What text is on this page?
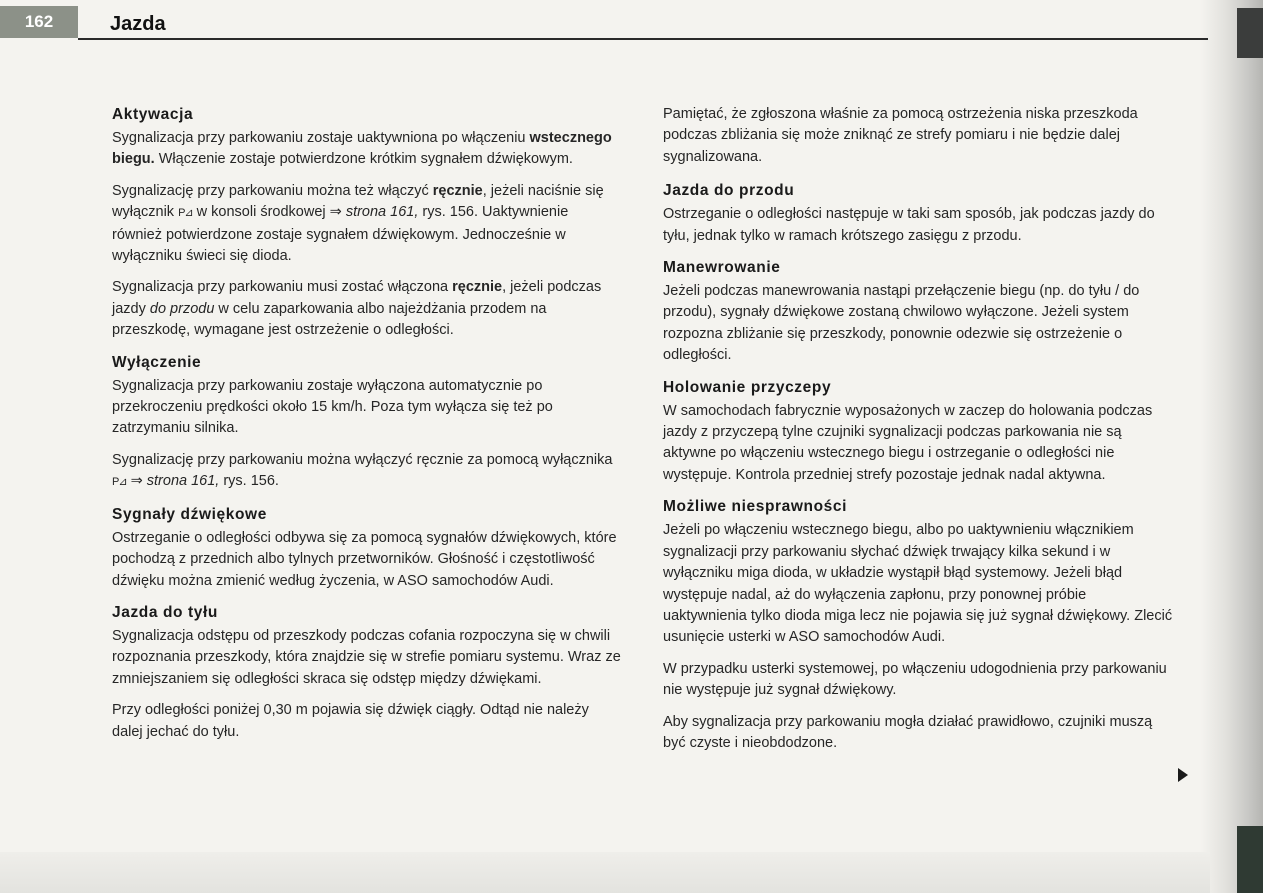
162	Jazda
Aktywacja

Sygnalizacja przy parkowaniu zostaje uaktywniona po włączeniu wstecznego biegu. Włączenie zostaje potwierdzone krótkim sygnałem dźwiękowym.

Sygnalizację przy parkowaniu można też włączyć ręcznie, jeżeli naciśnie się wyłącznik P⊿ w konsoli środkowej ⇒ strona 161, rys. 156. Uaktywnienie również potwierdzone zostaje sygnałem dźwiękowym. Jednocześnie w wyłączniku świeci się dioda.

Sygnalizacja przy parkowaniu musi zostać włączona ręcznie, jeżeli podczas jazdy do przodu w celu zaparkowania albo najeżdżania przodem na przeszkodę, wymagane jest ostrzeżenie o odległości.

Wyłączenie

Sygnalizacja przy parkowaniu zostaje wyłączona automatycznie po przekroczeniu prędkości około 15 km/h. Poza tym wyłącza się też po zatrzymaniu silnika.

Sygnalizację przy parkowaniu można wyłączyć ręcznie za pomocą wyłącznika P⊿ ⇒ strona 161, rys. 156.

Sygnały dźwiękowe

Ostrzeganie o odległości odbywa się za pomocą sygnałów dźwiękowych, które pochodzą z przednich albo tylnych przetworników. Głośność i częstotliwość dźwięku można zmienić według życzenia, w ASO samochodów Audi.

Jazda do tyłu

Sygnalizacja odstępu od przeszkody podczas cofania rozpoczyna się w chwili rozpoznania przeszkody, która znajdzie się w strefie pomiaru systemu. Wraz ze zmniejszaniem się odległości skraca się odstęp między dźwiękami.

Przy odległości poniżej 0,30 m pojawia się dźwięk ciągły. Odtąd nie należy dalej jechać do tyłu.

Pamiętać, że zgłoszona właśnie za pomocą ostrzeżenia niska przeszkoda podczas zbliżania się może zniknąć ze strefy pomiaru i nie będzie dalej sygnalizowana.

Jazda do przodu

Ostrzeganie o odległości następuje w taki sam sposób, jak podczas jazdy do tyłu, jednak tylko w ramach krótszego zasięgu z przodu.

Manewrowanie

Jeżeli podczas manewrowania nastąpi przełączenie biegu (np. do tyłu / do przodu), sygnały dźwiękowe zostaną chwilowo wyłączone. Jeżeli system rozpozna zbliżanie się przeszkody, ponownie odezwie się ostrzeżenie o odległości.

Holowanie przyczepy

W samochodach fabrycznie wyposażonych w zaczep do holowania podczas jazdy z przyczepą tylne czujniki sygnalizacji podczas parkowania nie są aktywne po włączeniu wstecznego biegu i ostrzeganie o odległości nie występuje. Kontrola przedniej strefy pozostaje jednak nadal aktywna.

Możliwe niesprawności

Jeżeli po włączeniu wstecznego biegu, albo po uaktywnieniu włącznikiem sygnalizacji przy parkowaniu słychać dźwięk trwający kilka sekund i w wyłączniku miga dioda, w układzie wystąpił błąd systemowy. Jeżeli błąd występuje nadal, aż do wyłączenia zapłonu, przy ponownej próbie uaktywnienia tylko dioda miga lecz nie pojawia się już sygnał dźwiękowy. Zlecić usunięcie usterki w ASO samochodów Audi.

W przypadku usterki systemowej, po włączeniu udogodnienia przy parkowaniu nie występuje już sygnał dźwiękowy.

Aby sygnalizacja przy parkowaniu mogła działać prawidłowo, czujniki muszą być czyste i nieobdodzone.
